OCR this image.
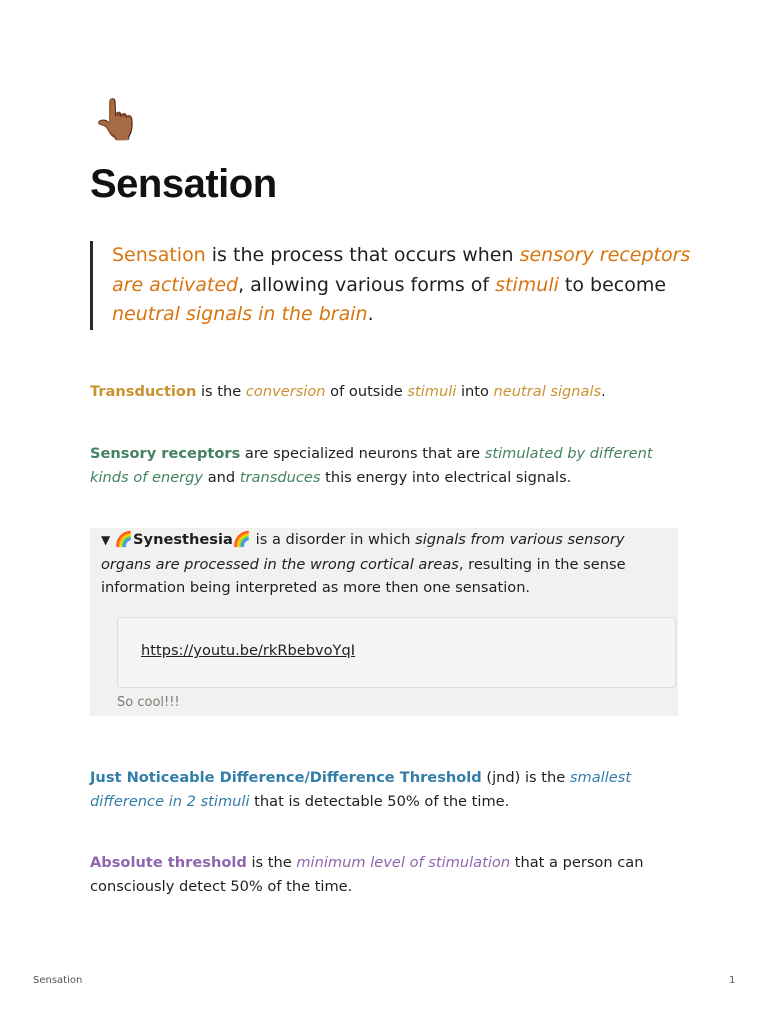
👆🏾
Sensation
Sensation is the process that occurs when sensory receptors are activated, allowing various forms of stimuli to become neutral signals in the brain.
Transduction is the conversion of outside stimuli into neutral signals.
Sensory receptors are specialized neurons that are stimulated by different kinds of energy and transduces this energy into electrical signals.
▼ 🌈Synesthesia🌈 is a disorder in which signals from various sensory organs are processed in the wrong cortical areas, resulting in the sense information being interpreted as more then one sensation.
https://youtu.be/rkRbebvoYqI
So cool!!!
Just Noticeable Difference/Difference Threshold (jnd) is the smallest difference in 2 stimuli that is detectable 50% of the time.
Absolute threshold is the minimum level of stimulation that a person can consciously detect 50% of the time.
Sensation	1
